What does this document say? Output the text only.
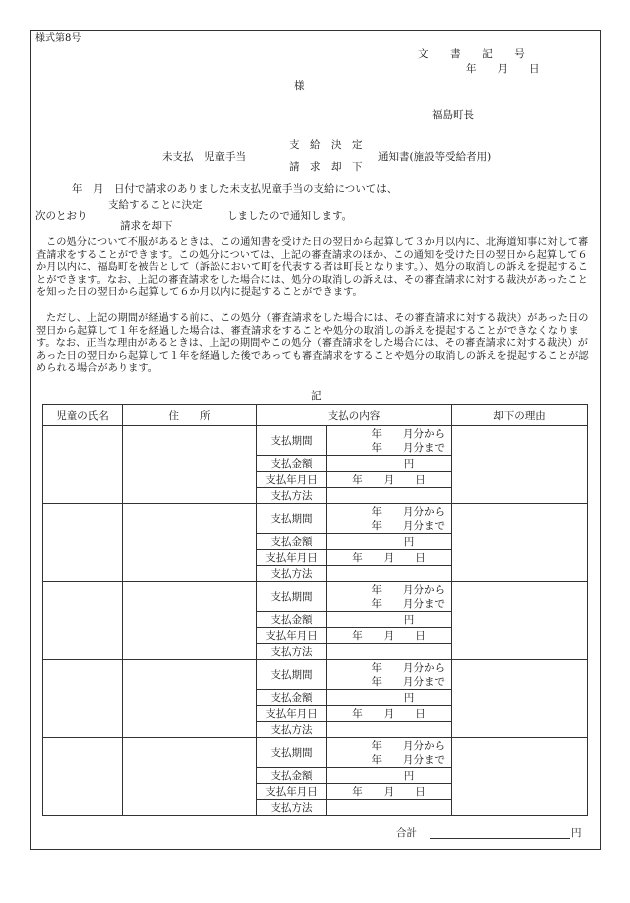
様式第8号
文　　書　　記　　号
年　　月　　日
様
福島町長
未支払　児童手当
支　給　決　定
請　求　却　下
通知書(施設等受給者用)
年　月　日付で請求のありました未支払児童手当の支給については、
次のとおり
支給することに決定
請求を却下
しましたので通知します。
この処分について不服があるときは、この通知書を受けた日の翌日から起算して３か月以内に、北海道知事に対して審査請求をすることができます。この処分については、上記の審査請求のほか、この通知を受けた日の翌日から起算して６か月以内に、福島町を被告として（訴訟において町を代表する者は町長となります。）、処分の取消しの訴えを提起することができます。なお、上記の審査請求をした場合には、処分の取消しの訴えは、その審査請求に対する裁決があったことを知った日の翌日から起算して６か月以内に提起することができます。
ただし、上記の期間が経過する前に、この処分（審査請求をした場合には、その審査請求に対する裁決）があった日の翌日から起算して１年を経過した場合は、審査請求をすることや処分の取消しの訴えを提起することができなくなります。なお、正当な理由があるときは、上記の期間やこの処分（審査請求をした場合には、その審査請求に対する裁決）があった日の翌日から起算して１年を経過した後であっても審査請求をすることや処分の取消しの訴えを提起することが認められる場合があります。
記
児童の氏名	住　　所	支払の内容		却下の理由
		支払期間	年　　月分から
年　　月分まで	

		支払金額	円	
		支払年月日	年　　月　　日	
		支払方法		
		支払期間	年　　月分から
年　　月分まで	

		支払金額	円	
		支払年月日	年　　月　　日	
		支払方法		
		支払期間	年　　月分から
年　　月分まで	

		支払金額	円	
		支払年月日	年　　月　　日	
		支払方法		
		支払期間	年　　月分から
年　　月分まで	

		支払金額	円	
		支払年月日	年　　月　　日	
		支払方法		
		支払期間	年　　月分から
年　　月分まで	

		支払金額	円	
		支払年月日	年　　月　　日	
		支払方法		
合計	円
